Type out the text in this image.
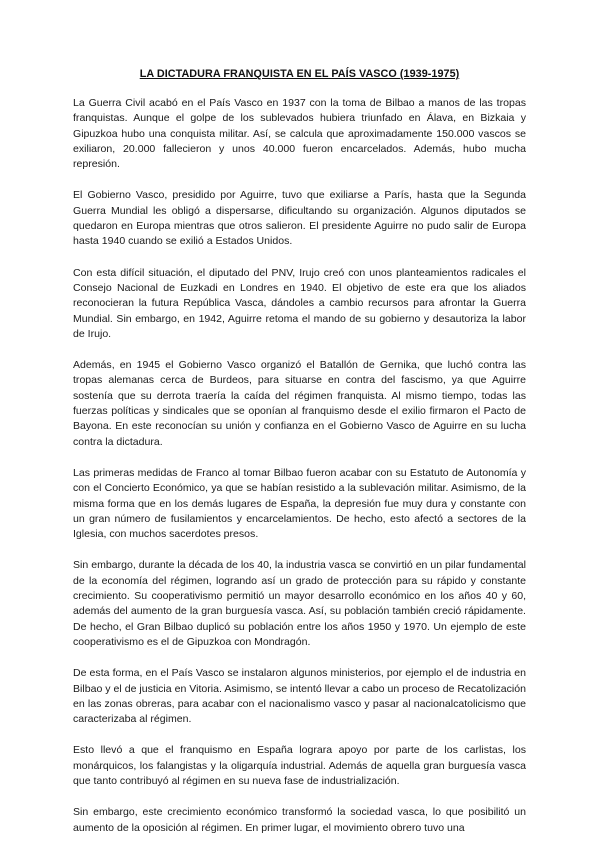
LA DICTADURA FRANQUISTA EN EL PAÍS VASCO (1939-1975)

La Guerra Civil acabó en el País Vasco en 1937 con la toma de Bilbao a manos de las tropas franquistas. Aunque el golpe de los sublevados hubiera triunfado en Álava, en Bizkaia y Gipuzkoa hubo una conquista militar. Así, se calcula que aproximadamente 150.000 vascos se exiliaron, 20.000 fallecieron y unos 40.000 fueron encarcelados. Además, hubo mucha represión.

El Gobierno Vasco, presidido por Aguirre, tuvo que exiliarse a París, hasta que la Segunda Guerra Mundial les obligó a dispersarse, dificultando su organización. Algunos diputados se quedaron en Europa mientras que otros salieron. El presidente Aguirre no pudo salir de Europa hasta 1940 cuando se exilió a Estados Unidos.

Con esta difícil situación, el diputado del PNV, Irujo creó con unos planteamientos radicales el Consejo Nacional de Euzkadi en Londres en 1940. El objetivo de este era que los aliados reconocieran la futura República Vasca, dándoles a cambio recursos para afrontar la Guerra Mundial. Sin embargo, en 1942, Aguirre retoma el mando de su gobierno y desautoriza la labor de Irujo.

Además, en 1945 el Gobierno Vasco organizó el Batallón de Gernika, que luchó contra las tropas alemanas cerca de Burdeos, para situarse en contra del fascismo, ya que Aguirre sostenía que su derrota traería la caída del régimen franquista. Al mismo tiempo, todas las fuerzas políticas y sindicales que se oponían al franquismo desde el exilio firmaron el Pacto de Bayona. En este reconocían su unión y confianza en el Gobierno Vasco de Aguirre en su lucha contra la dictadura.

Las primeras medidas de Franco al tomar Bilbao fueron acabar con su Estatuto de Autonomía y con el Concierto Económico, ya que se habían resistido a la sublevación militar. Asimismo, de la misma forma que en los demás lugares de España, la depresión fue muy dura y constante con un gran número de fusilamientos y encarcelamientos. De hecho, esto afectó a sectores de la Iglesia, con muchos sacerdotes presos.

Sin embargo, durante la década de los 40, la industria vasca se convirtió en un pilar fundamental de la economía del régimen, logrando así un grado de protección para su rápido y constante crecimiento. Su cooperativismo permitió un mayor desarrollo económico en los años 40 y 60, además del aumento de la gran burguesía vasca. Así, su población también creció rápidamente. De hecho, el Gran Bilbao duplicó su población entre los años 1950 y 1970. Un ejemplo de este cooperativismo es el de Gipuzkoa con Mondragón.

De esta forma, en el País Vasco se instalaron algunos ministerios, por ejemplo el de industria en Bilbao y el de justicia en Vitoria. Asimismo, se intentó llevar a cabo un proceso de Recatolización en las zonas obreras, para acabar con el nacionalismo vasco y pasar al nacionalcatolicismo que caracterizaba al régimen.

Esto llevó a que el franquismo en España lograra apoyo por parte de los carlistas, los monárquicos, los falangistas y la oligarquía industrial. Además de aquella gran burguesía vasca que tanto contribuyó al régimen en su nueva fase de industrialización.

Sin embargo, este crecimiento económico transformó la sociedad vasca, lo que posibilitó un aumento de la oposición al régimen. En primer lugar, el movimiento obrero tuvo una
